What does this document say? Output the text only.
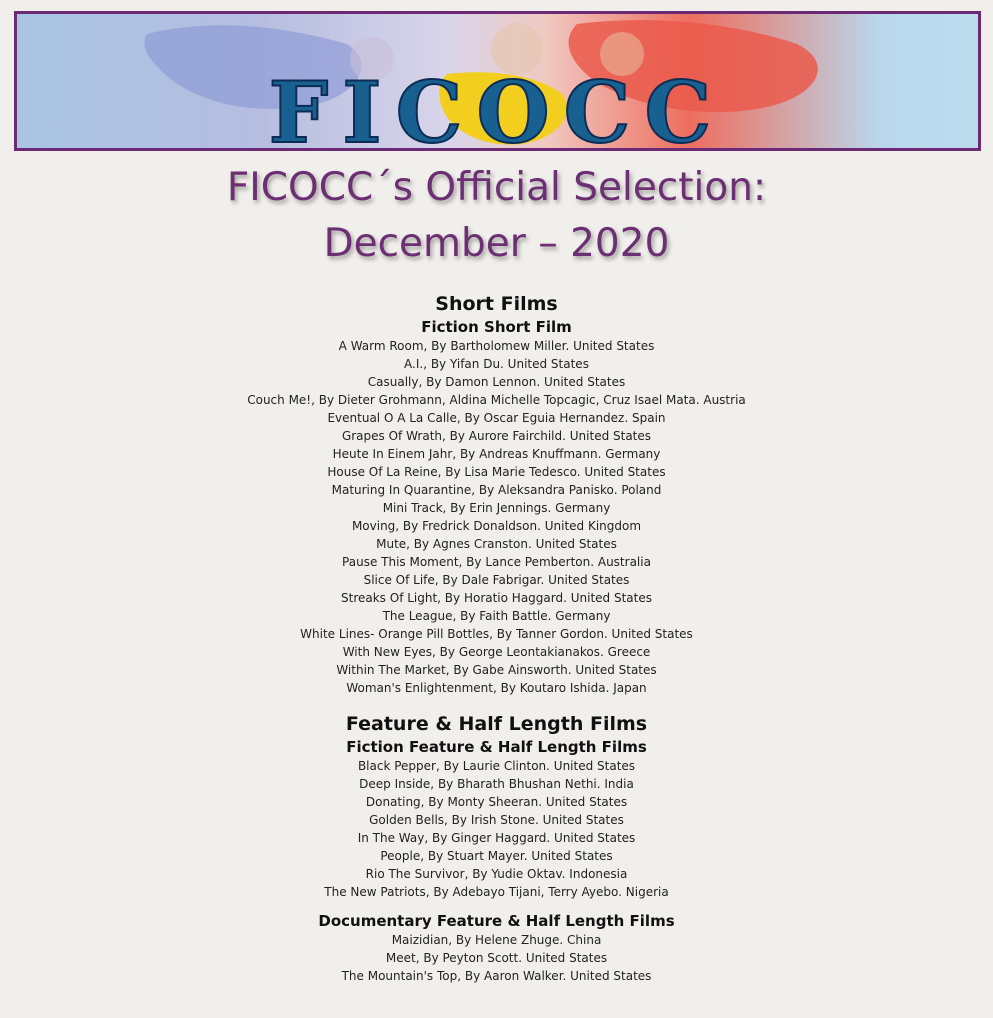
FICOCC
FICOCC´s Official Selection:
December – 2020
Short Films
Fiction Short Film
A Warm Room, By Bartholomew Miller. United States
A.I., By Yifan Du. United States
Casually, By Damon Lennon. United States
Couch Me!, By Dieter Grohmann, Aldina Michelle Topcagic, Cruz Isael Mata. Austria
Eventual O A La Calle, By Oscar Eguia Hernandez. Spain
Grapes Of Wrath, By Aurore Fairchild. United States
Heute In Einem Jahr, By Andreas Knuffmann. Germany
House Of La Reine, By Lisa Marie Tedesco. United States
Maturing In Quarantine, By Aleksandra Panisko. Poland
Mini Track, By Erin Jennings. Germany
Moving, By Fredrick Donaldson. United Kingdom
Mute, By Agnes Cranston. United States
Pause This Moment, By Lance Pemberton. Australia
Slice Of Life, By Dale Fabrigar. United States
Streaks Of Light, By Horatio Haggard. United States
The League, By Faith Battle. Germany
White Lines- Orange Pill Bottles, By Tanner Gordon. United States
With New Eyes, By George Leontakianakos. Greece
Within The Market, By Gabe Ainsworth. United States
Woman's Enlightenment, By Koutaro Ishida. Japan
Feature & Half Length Films
Fiction Feature & Half Length Films
Black Pepper, By Laurie Clinton. United States
Deep Inside, By Bharath Bhushan Nethi. India
Donating, By Monty Sheeran. United States
Golden Bells, By Irish Stone. United States
In The Way, By Ginger Haggard. United States
People, By Stuart Mayer. United States
Rio The Survivor, By Yudie Oktav. Indonesia
The New Patriots, By Adebayo Tijani, Terry Ayebo. Nigeria
Documentary Feature & Half Length Films
Maizidian, By Helene Zhuge. China
Meet, By Peyton Scott. United States
The Mountain's Top, By Aaron Walker. United States
